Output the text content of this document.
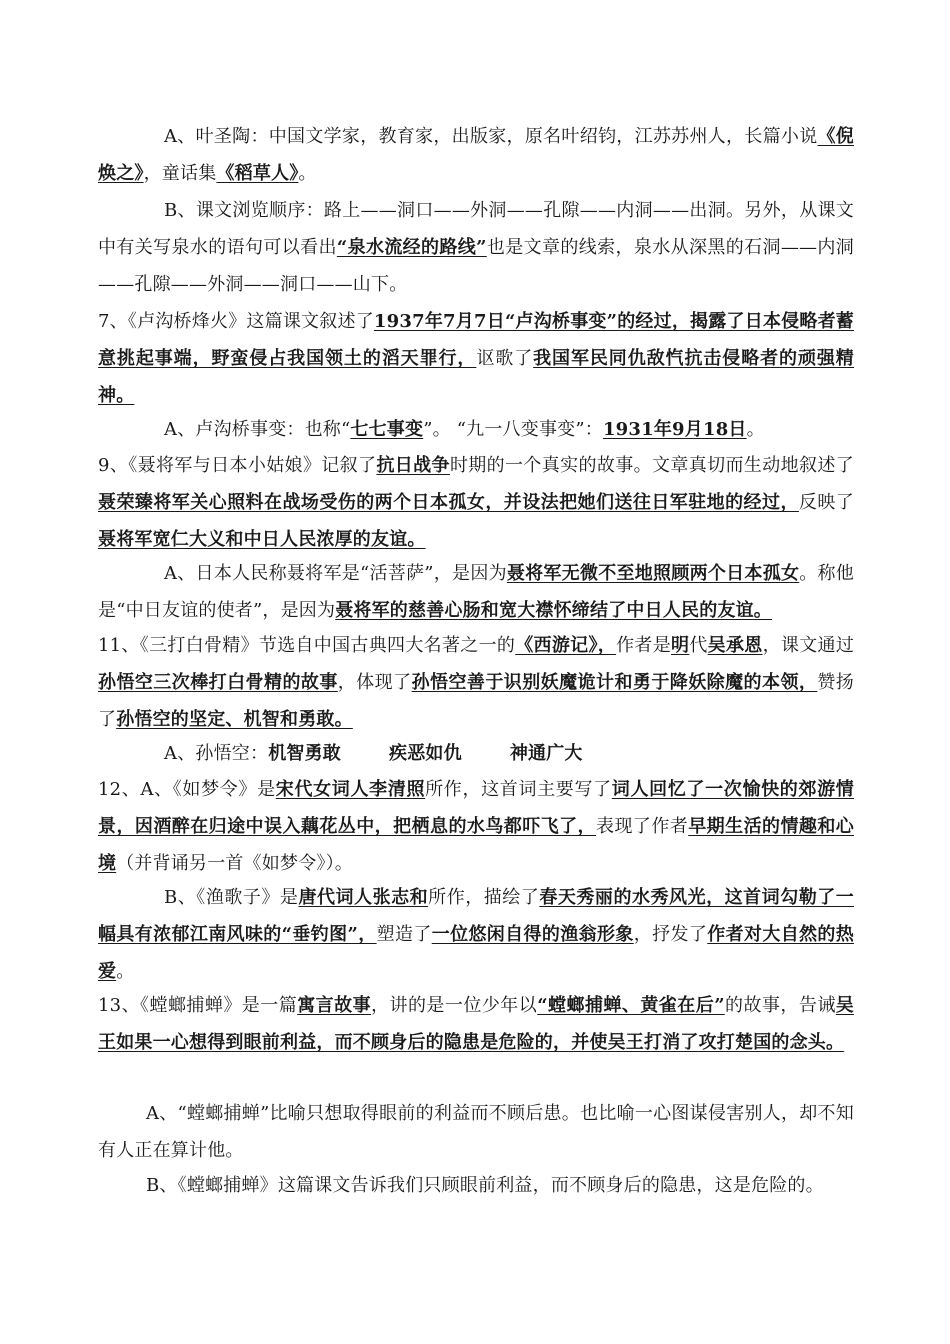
A、叶圣陶：中国文学家，教育家，出版家，原名叶绍钧，江苏苏州人，长篇小说《倪焕之》，童话集《稻草人》。
B、课文浏览顺序：路上——洞口——外洞——孔隙——内洞——出洞。另外，从课文中有关写泉水的语句可以看出“泉水流经的路线”也是文章的线索，泉水从深黑的石洞——内洞——孔隙——外洞——洞口——山下。
7、《卢沟桥烽火》这篇课文叙述了1937年7月7日“卢沟桥事变”的经过，揭露了日本侵略者蓄意挑起事端，野蛮侵占我国领土的滔天罪行，讴歌了我国军民同仇敌忾抗击侵略者的顽强精神。
A、卢沟桥事变：也称“七七事变”。 “九一八变事变”：1931年9月18日。
9、《聂将军与日本小姑娘》记叙了抗日战争时期的一个真实的故事。文章真切而生动地叙述了聂荣臻将军关心照料在战场受伤的两个日本孤女，并设法把她们送往日军驻地的经过，反映了聂将军宽仁大义和中日人民浓厚的友谊。
A、日本人民称聂将军是“活菩萨”，是因为聂将军无微不至地照顾两个日本孤女。称他是“中日友谊的使者”，是因为聂将军的慈善心肠和宽大襟怀缔结了中日人民的友谊。
11、《三打白骨精》节选自中国古典四大名著之一的《西游记》，作者是明代吴承恩，课文通过孙悟空三次棒打白骨精的故事，体现了孙悟空善于识别妖魔诡计和勇于降妖除魔的本领，赞扬了孙悟空的坚定、机智和勇敢。
A、孙悟空：机智勇敢	疾恶如仇	神通广大
12、A、《如梦令》是宋代女词人李清照所作，这首词主要写了词人回忆了一次愉快的郊游情景，因酒醉在归途中误入藕花丛中，把栖息的水鸟都吓飞了，表现了作者早期生活的情趣和心境（并背诵另一首《如梦令》）。
B、《渔歌子》是唐代词人张志和所作，描绘了春天秀丽的水秀风光，这首词勾勒了一幅具有浓郁江南风味的“垂钓图”，塑造了一位悠闲自得的渔翁形象，抒发了作者对大自然的热爱。
13、《螳螂捕蝉》是一篇寓言故事，讲的是一位少年以“螳螂捕蝉、黄雀在后”的故事，告诫吴王如果一心想得到眼前利益，而不顾身后的隐患是危险的，并使吴王打消了攻打楚国的念头。
A、“螳螂捕蝉”比喻只想取得眼前的利益而不顾后患。也比喻一心图谋侵害别人，却不知有人正在算计他。
B、《螳螂捕蝉》这篇课文告诉我们只顾眼前利益，而不顾身后的隐患，这是危险的。
